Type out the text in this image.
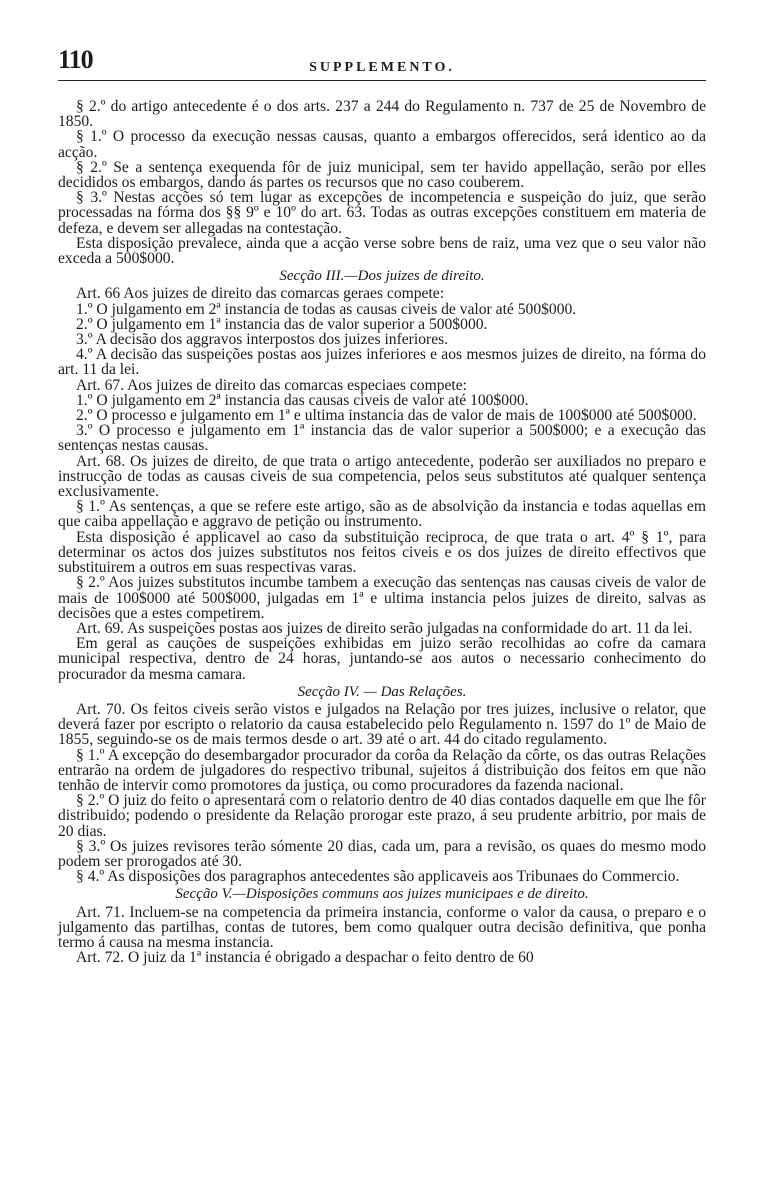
110	SUPPLEMENTO.

§ 2.º do artigo antecedente é o dos arts. 237 a 244 do Regulamento n. 737 de 25 de Novembro de 1850.

§ 1.º O processo da execução nessas causas, quanto a embargos offerecidos, será identico ao da acção.

§ 2.º Se a sentença exequenda fôr de juiz municipal, sem ter havido appellação, serão por elles decididos os embargos, dando ás partes os recursos que no caso couberem.

§ 3.º Nestas acções só tem lugar as excepções de incompetencia e suspeição do juiz, que serão processadas na fórma dos §§ 9º e 10º do art. 63. Todas as outras excepções constituem em materia de defeza, e devem ser allegadas na contestação.

Esta disposição prevalece, ainda que a acção verse sobre bens de raiz, uma vez que o seu valor não exceda a 500$000.

Secção III.—Dos juizes de direito.

Art. 66 Aos juizes de direito das comarcas geraes compete:

1.º O julgamento em 2ª instancia de todas as causas civeis de valor até 500$000.

2.º O julgamento em 1ª instancia das de valor superior a 500$000.

3.º A decisão dos aggravos interpostos dos juizes inferiores.

4.º A decisão das suspeições postas aos juizes inferiores e aos mesmos juizes de direito, na fórma do art. 11 da lei.

Art. 67. Aos juizes de direito das comarcas especiaes compete:

1.º O julgamento em 2ª instancia das causas civeis de valor até 100$000.

2.º O processo e julgamento em 1ª e ultima instancia das de valor de mais de 100$000 até 500$000.

3.º O processo e julgamento em 1ª instancia das de valor superior a 500$000; e a execução das sentenças nestas causas.

Art. 68. Os juizes de direito, de que trata o artigo antecedente, poderão ser auxiliados no preparo e instrucção de todas as causas civeis de sua competencia, pelos seus substitutos até qualquer sentença exclusivamente.

§ 1.º As sentenças, a que se refere este artigo, são as de absolvição da instancia e todas aquellas em que caiba appellação e aggravo de petição ou instrumento.

Esta disposição é applicavel ao caso da substituição reciproca, de que trata o art. 4º § 1º, para determinar os actos dos juizes substitutos nos feitos civeis e os dos juizes de direito effectivos que substituirem a outros em suas respectivas varas.

§ 2.º Aos juizes substitutos incumbe tambem a execução das sentenças nas causas civeis de valor de mais de 100$000 até 500$000, julgadas em 1ª e ultima instancia pelos juizes de direito, salvas as decisões que a estes competirem.

Art. 69. As suspeições postas aos juizes de direito serão julgadas na conformidade do art. 11 da lei.

Em geral as cauções de suspeições exhibidas em juizo serão recolhidas ao cofre da camara municipal respectiva, dentro de 24 horas, juntando-se aos autos o necessario conhecimento do procurador da mesma camara.

Secção IV. — Das Relações.

Art. 70. Os feitos civeis serão vistos e julgados na Relação por tres juizes, inclusive o relator, que deverá fazer por escripto o relatorio da causa estabelecido pelo Regulamento n. 1597 do 1º de Maio de 1855, seguindo-se os de mais termos desde o art. 39 até o art. 44 do citado regulamento.

§ 1.º A excepção do desembargador procurador da corôa da Relação da côrte, os das outras Relações entrarão na ordem de julgadores do respectivo tribunal, sujeitos á distribuição dos feitos em que não tenhão de intervir como promotores da justiça, ou como procuradores da fazenda nacional.

§ 2.º O juiz do feito o apresentará com o relatorio dentro de 40 dias contados daquelle em que lhe fôr distribuido; podendo o presidente da Relação prorogar este prazo, á seu prudente arbitrio, por mais de 20 dias.

§ 3.º Os juizes revisores terão sómente 20 dias, cada um, para a revisão, os quaes do mesmo modo podem ser prorogados até 30.

§ 4.º As disposições dos paragraphos antecedentes são applicaveis aos Tribunaes do Commercio.

Secção V.—Disposições communs aos juizes municipaes e de direito.

Art. 71. Incluem-se na competencia da primeira instancia, conforme o valor da causa, o preparo e o julgamento das partilhas, contas de tutores, bem como qualquer outra decisão definitiva, que ponha termo á causa na mesma instancia.

Art. 72. O juiz da 1ª instancia é obrigado a despachar o feito dentro de 60
